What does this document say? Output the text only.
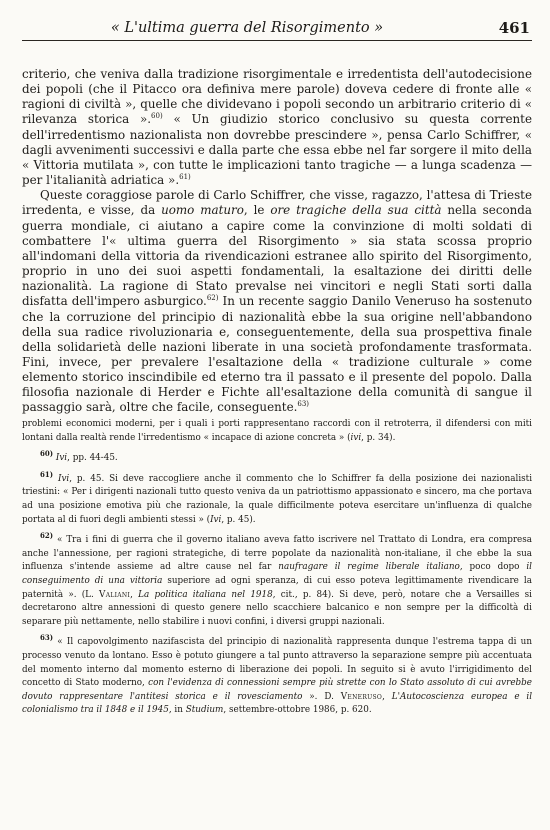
« L'ultima guerra del Risorgimento »	461

criterio, che veniva dalla tradizione risorgimentale e irredentista dell'autodecisione dei popoli (che il Pitacco ora definiva mere parole) doveva cedere di fronte alle « ragioni di civiltà », quelle che dividevano i popoli secondo un arbitrario criterio di « rilevanza storica ».$^{60)}$ « Un giudizio storico conclusivo su questa corrente dell'irredentismo nazionalista non dovrebbe prescindere », pensa Carlo Schiffrer, « dagli avvenimenti successivi e dalla parte che essa ebbe nel far sorgere il mito della « Vittoria mutilata », con tutte le implicazioni tanto tragiche — a lunga scadenza — per l'italianità adriatica ».$^{61)}$

Queste coraggiose parole di Carlo Schiffrer, che visse, ragazzo, l'attesa di Trieste irredenta, e visse, da uomo maturo, le ore tragiche della sua città nella seconda guerra mondiale, ci aiutano a capire come la convinzione di molti soldati di combattere l'« ultima guerra del Risorgimento » sia stata scossa proprio all'indomani della vittoria da rivendicazioni estranee allo spirito del Risorgimento, proprio in uno dei suoi aspetti fondamentali, la esaltazione dei diritti delle nazionalità. La ragione di Stato prevalse nei vincitori e negli Stati sorti dalla disfatta dell'impero asburgico.$^{62)}$ In un recente saggio Danilo Veneruso ha sostenuto che la corruzione del principio di nazionalità ebbe la sua origine nell'abbandono della sua radice rivoluzionaria e, conseguentemente, della sua prospettiva finale della solidarietà delle nazioni liberate in una società profondamente trasformata. Fini, invece, per prevalere l'esaltazione della « tradizione culturale » come elemento storico inscindibile ed eterno tra il passato e il presente del popolo. Dalla filosofia nazionale di Herder e Fichte all'esaltazione della comunità di sangue il passaggio sarà, oltre che facile, conseguente.$^{63)}$

problemi economici moderni, per i quali i porti rappresentano raccordi con il retroterra, il difendersi con miti lontani dalla realtà rende l'irredentismo « incapace di azione concreta » (ivi, p. 34).

$^{60)}$ Ivi, pp. 44-45.

$^{61)}$ Ivi, p. 45. Si deve raccogliere anche il commento che lo Schiffrer fa della posizione dei nazionalisti triestini: « Per i dirigenti nazionali tutto questo veniva da un patriottismo appassionato e sincero, ma che portava ad una posizione emotiva più che razionale, la quale difficilmente poteva esercitare un'influenza di qualche portata al di fuori degli ambienti stessi » (Ivi, p. 45).

$^{62)}$ « Tra i fini di guerra che il governo italiano aveva fatto iscrivere nel Trattato di Londra, era compresa anche l'annessione, per ragioni strategiche, di terre popolate da nazionalità non-italiane, il che ebbe la sua influenza s'intende assieme ad altre cause nel far naufragare il regime liberale italiano, poco dopo il conseguimento di una vittoria superiore ad ogni speranza, di cui esso poteva legittimamente rivendicare la paternità ». (L. Valiani, La politica italiana nel 1918, cit., p. 84). Si deve, però, notare che a Versailles si decretarono altre annessioni di questo genere nello scacchiere balcanico e non sempre per la difficoltà di separare più nettamente, nello stabilire i nuovi confini, i diversi gruppi nazionali.

$^{63)}$ « Il capovolgimento nazifascista del principio di nazionalità rappresenta dunque l'estrema tappa di un processo venuto da lontano. Esso è potuto giungere a tal punto attraverso la separazione sempre più accentuata del momento interno dal momento esterno di liberazione dei popoli. In seguito si è avuto l'irrigidimento del concetto di Stato moderno, con l'evidenza di connessioni sempre più strette con lo Stato assoluto di cui avrebbe dovuto rappresentare l'antitesi storica e il rovesciamento ». D. Veneruso, L'Autocoscienza europea e il colonialismo tra il 1848 e il 1945, in Studium, settembre-ottobre 1986, p. 620.
